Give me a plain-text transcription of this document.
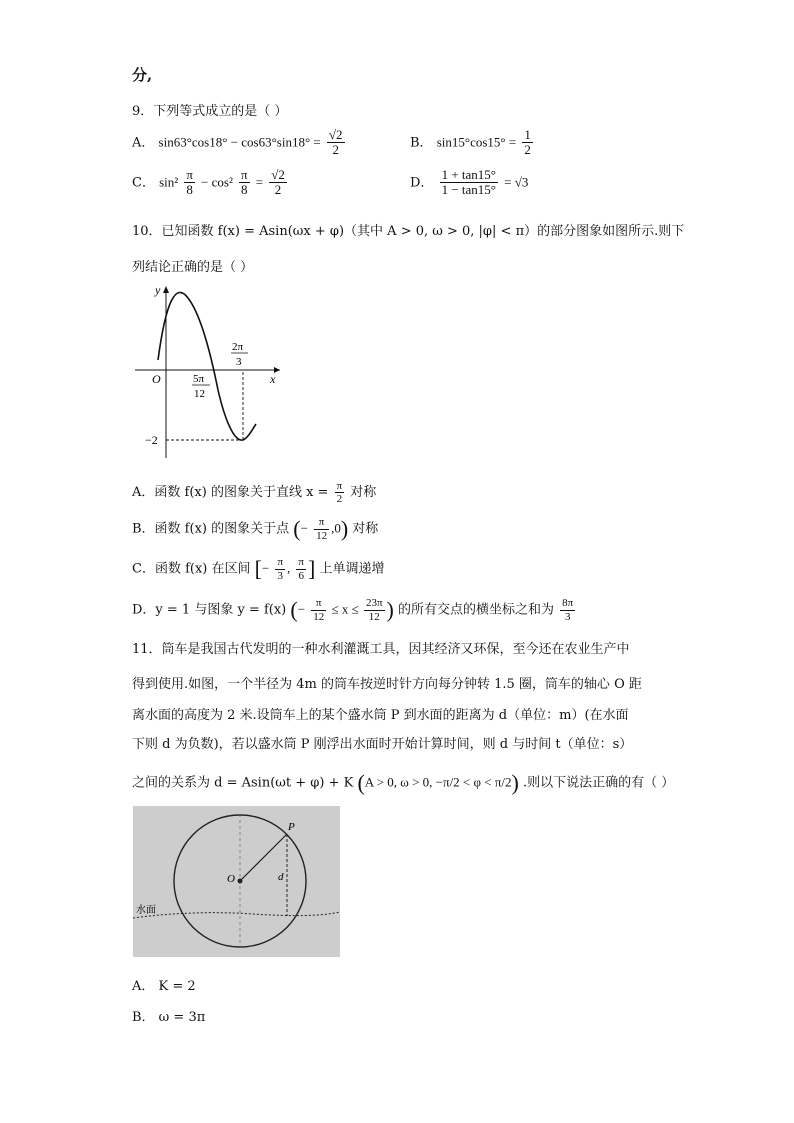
分,
9．下列等式成立的是（ ）
A． $\sin 63^\circ\cos 18^\circ - \cos 63^\circ\sin 18^\circ = \frac{√2}{2}$	B． $\sin 15^\circ\cos 15^\circ = \frac{1}{2}$
C． $\sin^2 \frac{\pi}{8} - \cos^2 \frac{\pi}{8} = \frac{√2}{2}$	D． $\frac{1 + \tan 15^\circ}{1 - \tan 15^\circ} = √3$
10．已知函数 f(x) = Asin(ωx + φ)（其中 A > 0, ω > 0, |φ| < π）的部分图象如图所示.则下
列结论正确的是（ ）
y
x
O	5π
12
2π
3
−2
A．函数 f(x) 的图象关于直线 $x = \frac{\pi}{2}$ 对称
B．函数 f(x) 的图象关于点 (− $\frac{\pi}{12} ,0$) 对称
C．函数 f(x) 在区间 [− $\frac{\pi}{3}$ , $\frac{\pi}{6}$ ] 上单调递增
D．y = 1 与图象 y = f(x) (− $\frac{\pi}{12} \le x \le \frac{23\pi}{12}$ ) 的所有交点的横坐标之和为 $\frac{8\pi}{3}$
11．筒车是我国古代发明的一种水利灌溉工具，因其经济又环保，至今还在农业生产中
得到使用.如图，一个半径为 4m 的筒车按逆时针方向每分钟转 1.5 圈，筒车的轴心 O 距
离水面的高度为 2 米.设筒车上的某个盛水筒 P 到水面的距离为 d（单位：m）(在水面
下则 d 为负数)，若以盛水筒 P 刚浮出水面时开始计算时间，则 d 与时间 t（单位：s）
之间的关系为 d = Asin(ωt + φ) + K (A > 0, ω > 0, −π/2 < φ < π/2) .则以下说法正确的有（ ）
P
O	d
水面
A． K = 2
B． ω = 3π
